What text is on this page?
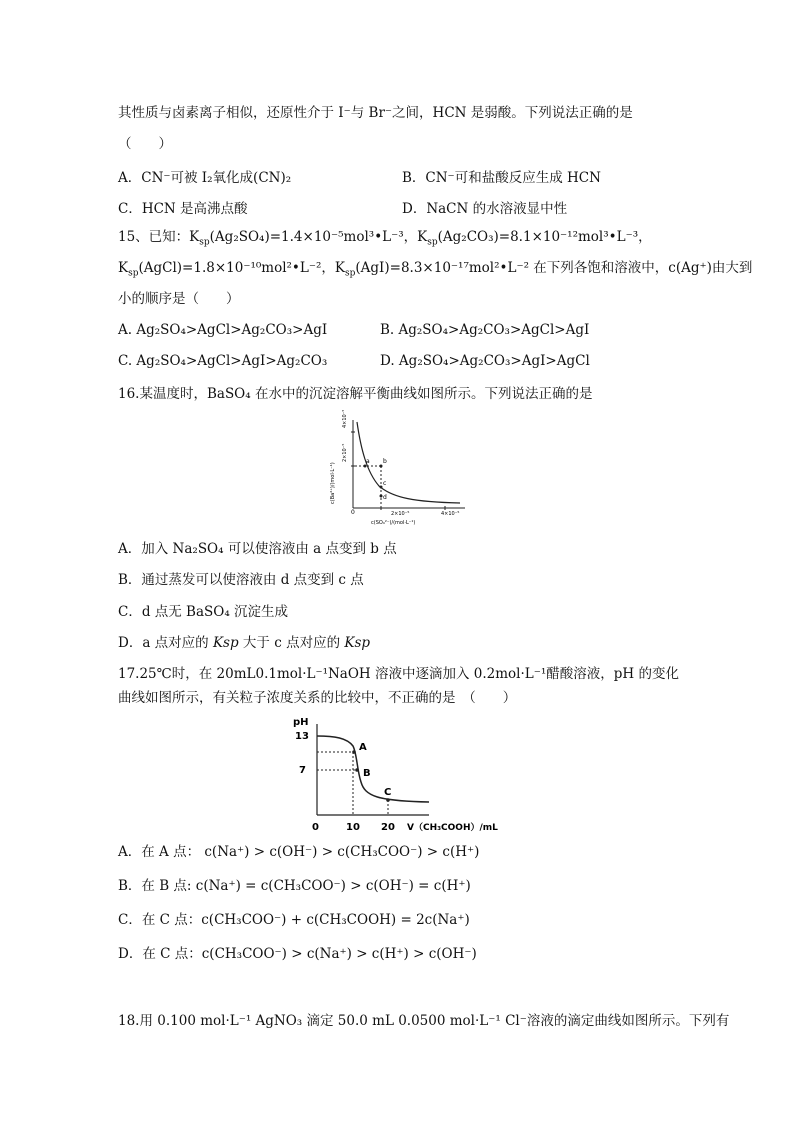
其性质与卤素离子相似，还原性介于 I⁻与 Br⁻之间，HCN 是弱酸。下列说法正确的是
（　　）
A．CN⁻可被 I₂氧化成(CN)₂	B．CN⁻可和盐酸反应生成 HCN
C．HCN 是高沸点酸	D．NaCN 的水溶液显中性
15、已知：$K_{sp}(Ag_2SO_4)=1.4\times 10^{-5}mol^3•L^{-3}$，$K_{sp}(Ag_2CO_3)=8.1\times 10^{-12}mol^3•L^{-3}$，
$K_{sp}(AgCl)=1.8\times 10^{-10}mol^2•L^{-2}$，$K_{sp}(AgI)=8.3\times 10^{-17}mol^2•L^{-2}$ 在下列各饱和溶液中，c(Ag⁺)由大到
小的顺序是（　　）
A. Ag₂SO₄>AgCl>Ag₂CO₃>AgI	B. Ag₂SO₄>Ag₂CO₃>AgCl>AgI
C. Ag₂SO₄>AgCl>AgI>Ag₂CO₃	D. Ag₂SO₄>Ag₂CO₃>AgI>AgCl
16.某温度时，BaSO₄ 在水中的沉淀溶解平衡曲线如图所示。下列说法正确的是
a b
c
d
4×10⁻⁵
2×10⁻⁵
c(Ba²⁺)/(mol·L⁻¹)
0	2×10⁻⁵	4×10⁻⁵
c(SO₄²⁻)/(mol·L⁻¹)
A．加入 Na₂SO₄ 可以使溶液由 a 点变到 b 点
B．通过蒸发可以使溶液由 d 点变到 c 点
C．d 点无 BaSO₄ 沉淀生成
D．a 点对应的 Ksp 大于 c 点对应的 Ksp
17.25℃时，在 20mL0.1mol·L⁻¹NaOH 溶液中逐滴加入 0.2mol·L⁻¹醋酸溶液，pH 的变化
曲线如图所示，有关粒子浓度关系的比较中，不正确的是　（　　）
pH
13
7
A
B
C
0	10 20 V（CH₃COOH）/mL
A．在 A 点： c(Na⁺) > c(OH⁻) > c(CH₃COO⁻) > c(H⁺)
B．在 B 点: c(Na⁺) = c(CH₃COO⁻) > c(OH⁻) = c(H⁺)
C．在 C 点：c(CH₃COO⁻) + c(CH₃COOH) = 2c(Na⁺)
D．在 C 点：c(CH₃COO⁻) > c(Na⁺) > c(H⁺) > c(OH⁻)
18.用 0.100 mol·L⁻¹ AgNO₃ 滴定 50.0 mL 0.0500 mol·L⁻¹ Cl⁻溶液的滴定曲线如图所示。下列有
